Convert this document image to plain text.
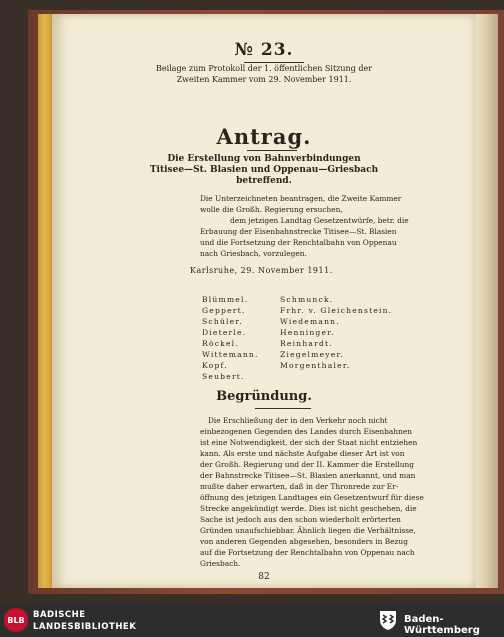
№ 23.
Beilage zum Protokoll der 1. öffentlichen Sitzung der
Zweiten Kammer vom 29. November 1911.
Antrag.
Die Erstellung von Bahnverbindungen
Titisee—St. Blasien und Oppenau—Griesbach
betreffend.
Die Unterzeichneten beantragen, die Zweite Kammer
wolle die Großh. Regierung ersuchen,
dem jetzigen Landtag Gesetzentwürfe, betr. die
Erbauung der Eisenbahnstrecke Titisee—St. Blasien
und die Fortsetzung der Renchtalbahn von Oppenau
nach Griesbach, vorzulegen.
Karlsruhe, 29. November 1911.
Blümmel.
Geppert.
Schüler.
Dieterle.
Röckel.
Wittemann.
Kopf.
Seubert.
Schmunck.
Frhr. v. Gleichenstein.
Wiedemann.
Henninger.
Reinhardt.
Ziegelmeyer.
Morgenthaler.
Begründung.
Die Erschließung der in den Verkehr noch nicht
einbezogenen Gegenden des Landes durch Eisenbahnen
ist eine Notwendigkeit, der sich der Staat nicht entziehen
kann. Als erste und nächste Aufgabe dieser Art ist von
der Großh. Regierung und der II. Kammer die Erstellung
der Bahnstrecke Titisee—St. Blasien anerkannt, und man
mußte daher erwarten, daß in der Thronrede zur Er-
öffnung des jetzigen Landtages ein Gesetzentwurf für diese
Strecke angekündigt werde. Dies ist nicht geschehen, die
Sache ist jedoch aus den schon wiederholt erörterten
Gründen unaufschiebbar. Ähnlich liegen die Verhältnisse,
von anderen Gegenden abgesehen, besonders in Bezug
auf die Fortsetzung der Renchtalbahn von Oppenau nach
Griesbach.
82
BLB BADISCHE
LANDESBIBLIOTHEK
Baden-Württemberg
